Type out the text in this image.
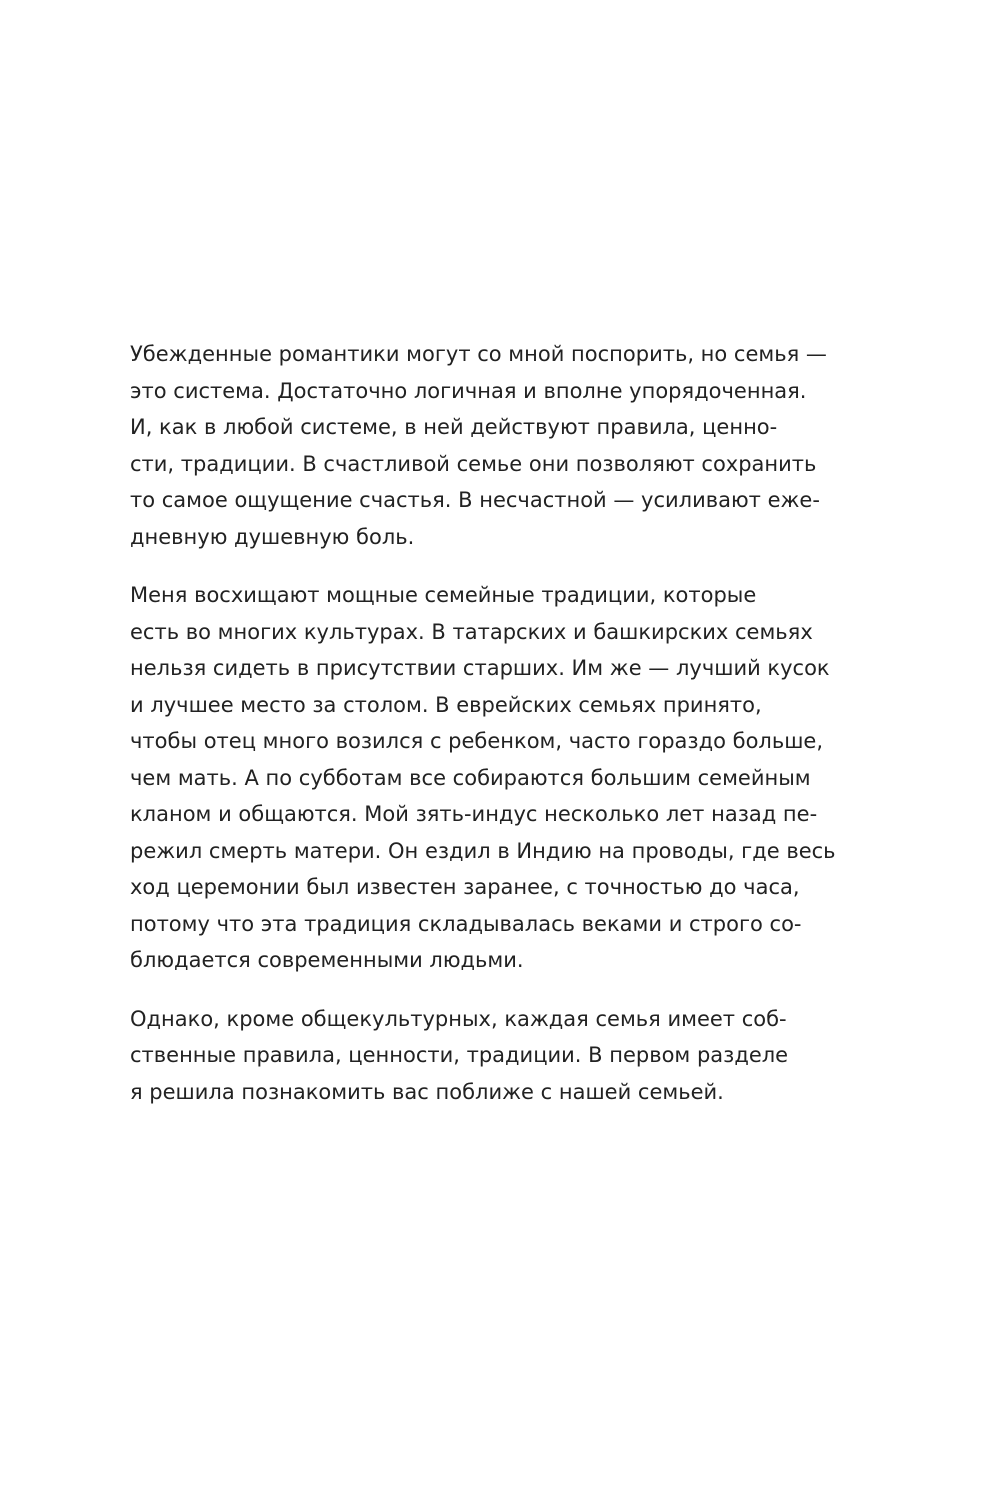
Убежденные романтики могут со мной поспорить, но семья —
это система. Достаточно логичная и вполне упорядоченная.
И, как в любой системе, в ней действуют правила, ценно-
сти, традиции. В счастливой семье они позволяют сохранить
то самое ощущение счастья. В несчастной — усиливают еже-
дневную душевную боль.

Меня восхищают мощные семейные традиции, которые
есть во многих культурах. В татарских и башкирских семьях
нельзя сидеть в присутствии старших. Им же — лучший кусок
и лучшее место за столом. В еврейских семьях принято,
чтобы отец много возился с ребенком, часто гораздо больше,
чем мать. А по субботам все собираются большим семейным
кланом и общаются. Мой зять-индус несколько лет назад пе-
режил смерть матери. Он ездил в Индию на проводы, где весь
ход церемонии был известен заранее, с точностью до часа,
потому что эта традиция складывалась веками и строго со-
блюдается современными людьми.

Однако, кроме общекультурных, каждая семья имеет соб-
ственные правила, ценности, традиции. В первом разделе
я решила познакомить вас поближе с нашей семьей.
